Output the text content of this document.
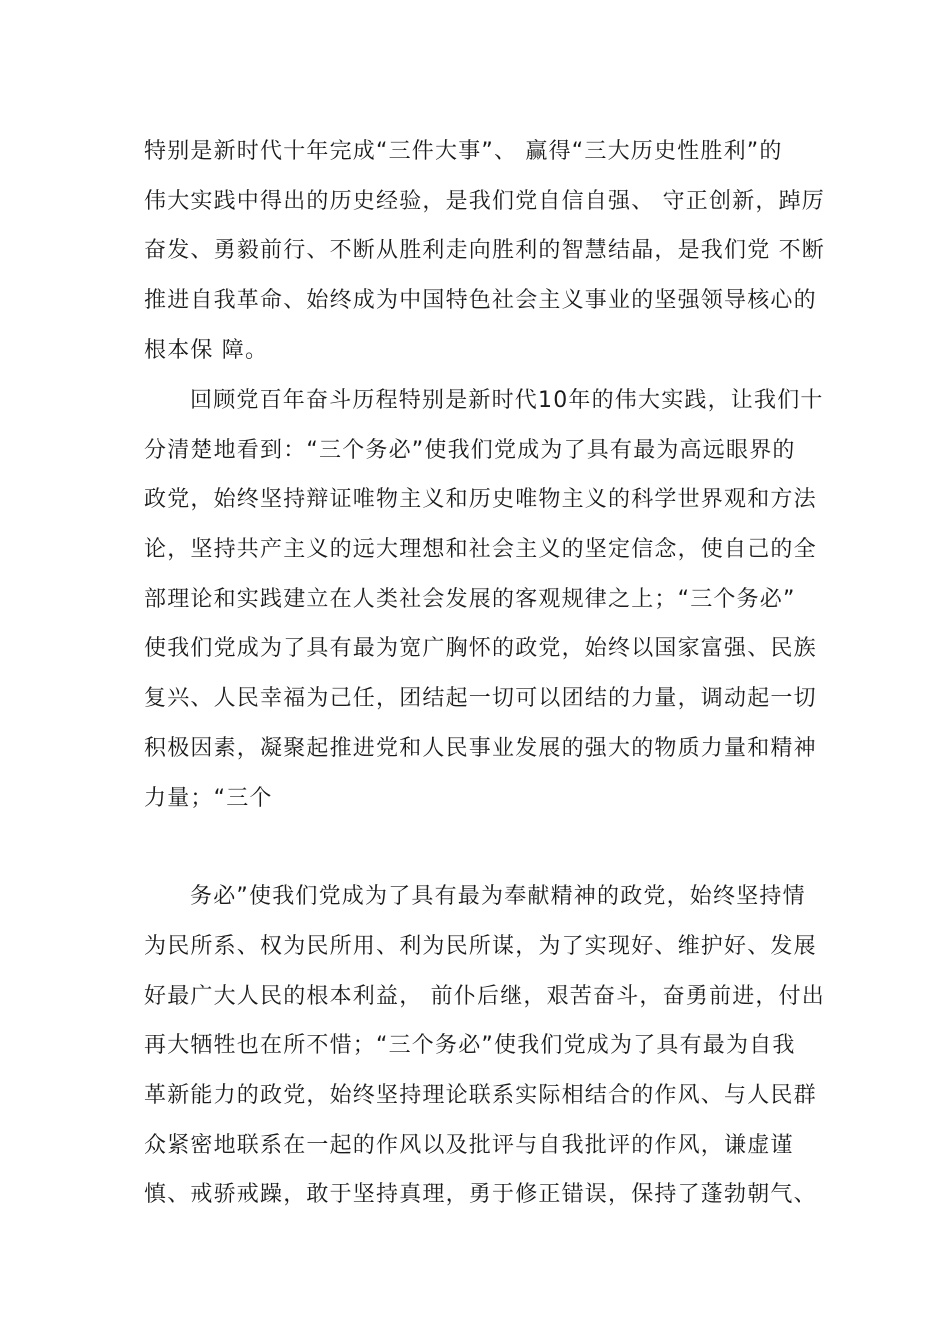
特别是新时代十年完成“三件大事”、 赢得“三大历史性胜利”的
伟大实践中得出的历史经验，是我们党自信自强、 守正创新，踔厉
奋发、勇毅前行、不断从胜利走向胜利的智慧结晶，是我们党 不断
推进自我革命、始终成为中国特色社会主义事业的坚强领导核心的
根本保 障。
回顾党百年奋斗历程特别是新时代10年的伟大实践，让我们十
分清楚地看到：“三个务必”使我们党成为了具有最为高远眼界的
政党，始终坚持辩证唯物主义和历史唯物主义的科学世界观和方法
论，坚持共产主义的远大理想和社会主义的坚定信念，使自己的全
部理论和实践建立在人类社会发展的客观规律之上；“三个务必”
使我们党成为了具有最为宽广胸怀的政党，始终以国家富强、民族
复兴、人民幸福为己任，团结起一切可以团结的力量，调动起一切
积极因素，凝聚起推进党和人民事业发展的强大的物质力量和精神
力量；“三个
务必”使我们党成为了具有最为奉献精神的政党，始终坚持情
为民所系、权为民所用、利为民所谋，为了实现好、维护好、发展
好最广大人民的根本利益， 前仆后继，艰苦奋斗，奋勇前进，付出
再大牺牲也在所不惜；“三个务必”使我们党成为了具有最为自我
革新能力的政党，始终坚持理论联系实际相结合的作风、与人民群
众紧密地联系在一起的作风以及批评与自我批评的作风，谦虚谨
慎、戒骄戒躁，敢于坚持真理，勇于修正错误，保持了蓬勃朝气、
